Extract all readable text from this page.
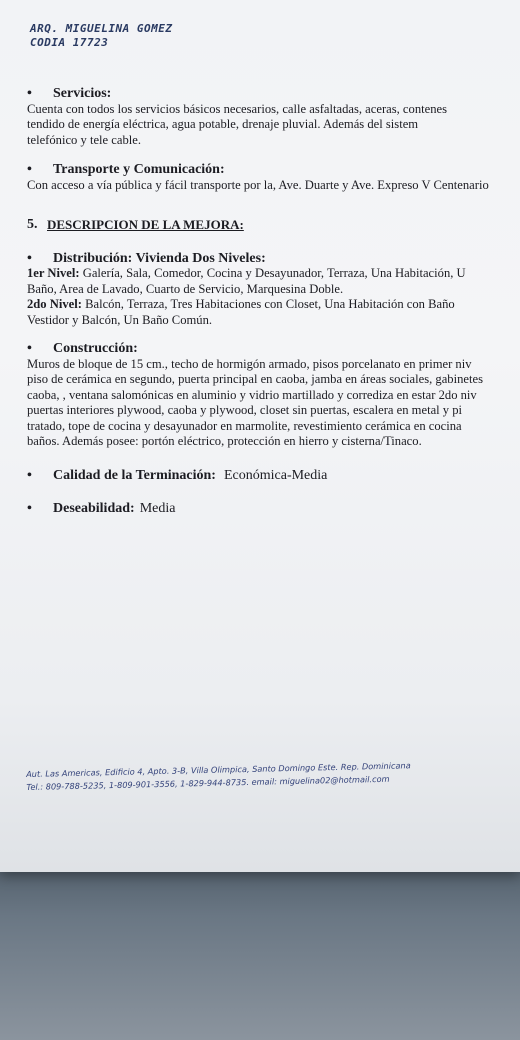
ARQ. MIGUELINA GOMEZ
CODIA 17723
•	Servicios:
Cuenta con todos los servicios básicos necesarios, calle asfaltadas, aceras, contenes
tendido de energía eléctrica, agua potable, drenaje pluvial. Además del sistem
telefónico y tele cable.
•	Transporte y Comunicación:
Con acceso a vía pública y fácil transporte por la, Ave. Duarte y Ave. Expreso V Centenario
5. DESCRIPCION DE LA MEJORA:
•	Distribución: Vivienda Dos Niveles:
1er Nivel: Galería, Sala, Comedor, Cocina y Desayunador, Terraza, Una Habitación, U
Baño, Area de Lavado, Cuarto de Servicio, Marquesina Doble.
2do Nivel: Balcón, Terraza, Tres Habitaciones con Closet, Una Habitación con Baño
Vestidor y Balcón, Un Baño Común.
•	Construcción:
Muros de bloque de 15 cm., techo de hormigón armado, pisos porcelanato en primer niv
piso de cerámica en segundo, puerta principal en caoba, jamba en áreas sociales, gabinetes
caoba, , ventana salomónicas en aluminio y vidrio martillado y corrediza en estar 2do niv
puertas interiores plywood, caoba y plywood, closet sin puertas, escalera en metal y pi
tratado, tope de cocina y desayunador en marmolite, revestimiento cerámica en cocina
baños. Además posee: portón eléctrico, protección en hierro y cisterna/Tinaco.
•	Calidad de la Terminación: Económica-Media
•	Deseabilidad: Media
Aut. Las Americas, Edificio 4, Apto. 3-B, Villa Olimpica, Santo Domingo Este. Rep. Dominicana
Tel.: 809-788-5235, 1-809-901-3556, 1-829-944-8735. email: miguelina02@hotmail.com
